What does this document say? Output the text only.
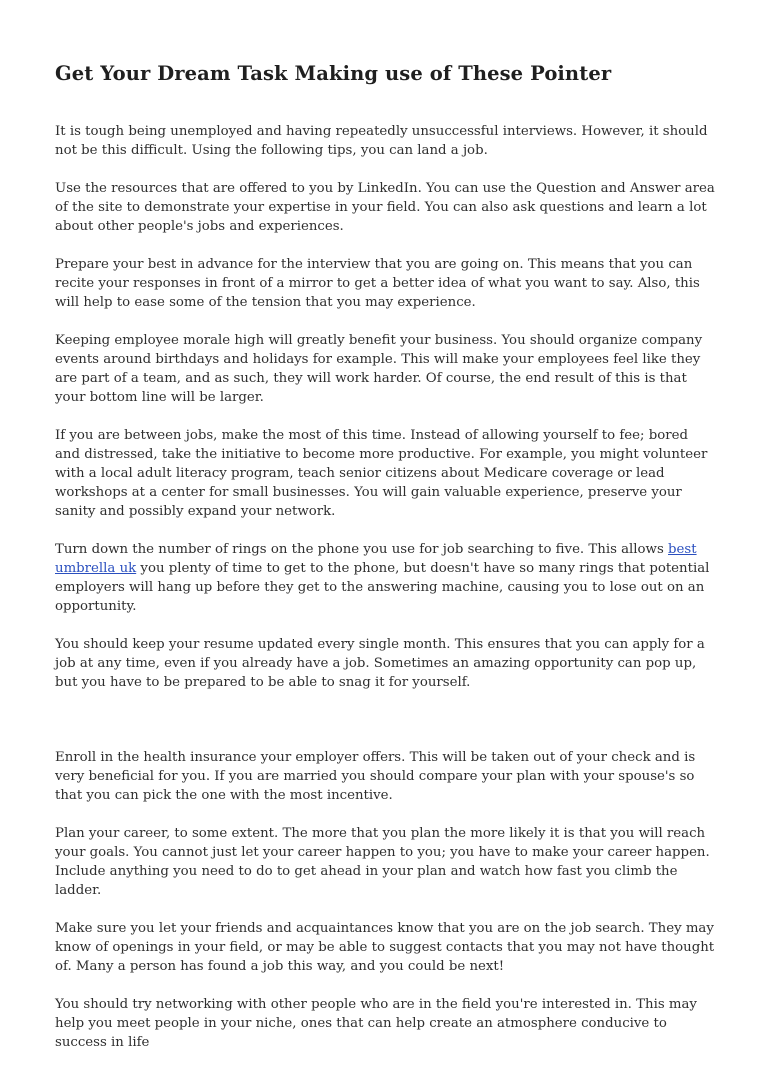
Get Your Dream Task Making use of These Pointer

It is tough being unemployed and having repeatedly unsuccessful interviews. However, it should not be this difficult. Using the following tips, you can land a job.

Use the resources that are offered to you by LinkedIn. You can use the Question and Answer area of the site to demonstrate your expertise in your field. You can also ask questions and learn a lot about other people's jobs and experiences.

Prepare your best in advance for the interview that you are going on. This means that you can recite your responses in front of a mirror to get a better idea of what you want to say. Also, this will help to ease some of the tension that you may experience.

Keeping employee morale high will greatly benefit your business. You should organize company events around birthdays and holidays for example. This will make your employees feel like they are part of a team, and as such, they will work harder. Of course, the end result of this is that your bottom line will be larger.

If you are between jobs, make the most of this time. Instead of allowing yourself to fee; bored and distressed, take the initiative to become more productive. For example, you might volunteer with a local adult literacy program, teach senior citizens about Medicare coverage or lead workshops at a center for small businesses. You will gain valuable experience, preserve your sanity and possibly expand your network.

Turn down the number of rings on the phone you use for job searching to five. This allows best umbrella uk you plenty of time to get to the phone, but doesn't have so many rings that potential employers will hang up before they get to the answering machine, causing you to lose out on an opportunity.

You should keep your resume updated every single month. This ensures that you can apply for a job at any time, even if you already have a job. Sometimes an amazing opportunity can pop up, but you have to be prepared to be able to snag it for yourself.

Enroll in the health insurance your employer offers. This will be taken out of your check and is very beneficial for you. If you are married you should compare your plan with your spouse's so that you can pick the one with the most incentive.

Plan your career, to some extent. The more that you plan the more likely it is that you will reach your goals. You cannot just let your career happen to you; you have to make your career happen. Include anything you need to do to get ahead in your plan and watch how fast you climb the ladder.

Make sure you let your friends and acquaintances know that you are on the job search. They may know of openings in your field, or may be able to suggest contacts that you may not have thought of. Many a person has found a job this way, and you could be next!

You should try networking with other people who are in the field you're interested in. This may help you meet people in your niche, ones that can help create an atmosphere conducive to success in life
